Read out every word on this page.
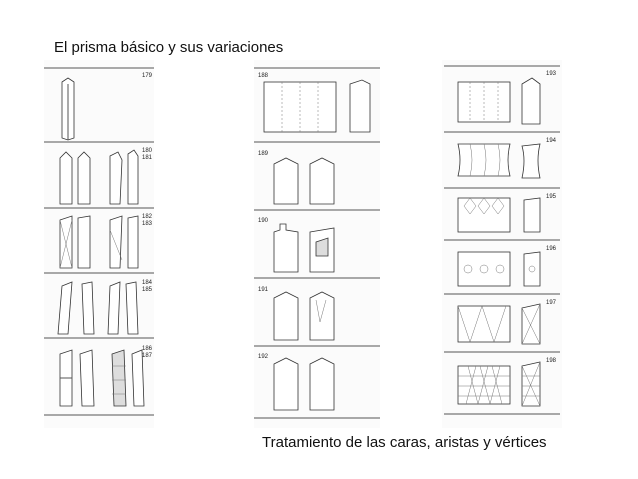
El prisma básico y sus variaciones
Tratamiento de las caras, aristas y vértices
179
180
181
182
183
184
185
186
187
188
189
190
191
192
193
194
195
196
197
198
